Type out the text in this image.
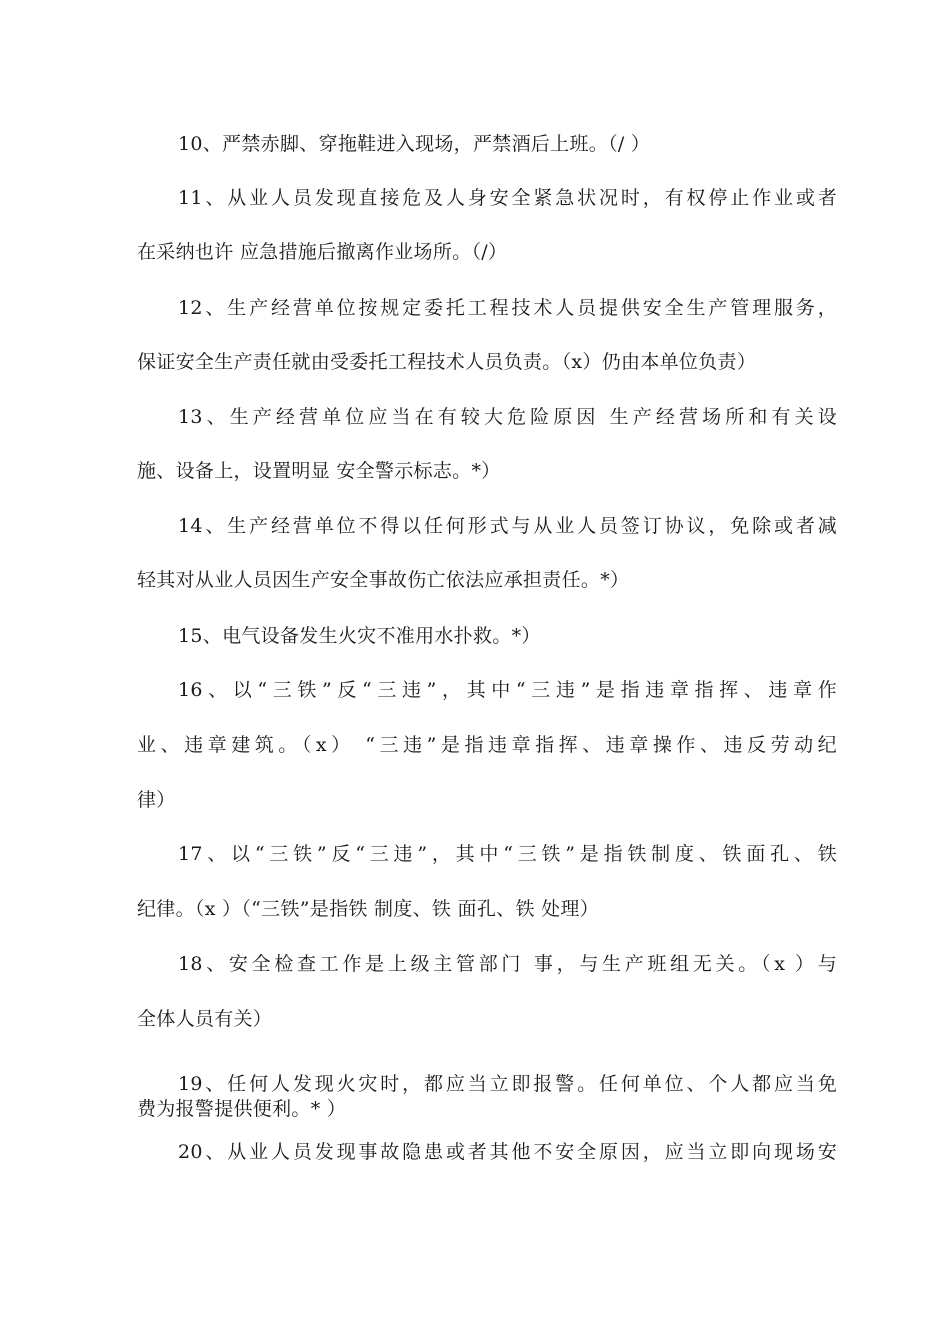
10、严禁赤脚、穿拖鞋进入现场，严禁酒后上班。（/ ）
11、从业人员发现直接危及人身安全紧急状况时，有权停止作业或者
在采纳也许 应急措施后撤离作业场所。（/）
12、生产经营单位按规定委托工程技术人员提供安全生产管理服务，
保证安全生产责任就由受委托工程技术人员负责。（x）仍由本单位负责）
13、生产经营单位应当在有较大危险原因 生产经营场所和有关设
施、设备上，设置明显 安全警示标志。*）
14、生产经营单位不得以任何形式与从业人员签订协议，免除或者减
轻其对从业人员因生产安全事故伤亡依法应承担责任。*）
15、电气设备发生火灾不准用水扑救。*）
16、以“三铁”反“三违”，其中“三违”是指违章指挥、违章作
业、违章建筑。（x） “三违”是指违章指挥、违章操作、违反劳动纪
律）
17、以“三铁”反“三违”，其中“三铁”是指铁制度、铁面孔、铁
纪律。（x ）（“三铁”是指铁 制度、铁 面孔、铁 处理）
18、安全检查工作是上级主管部门 事，与生产班组无关。（x ）与
全体人员有关）
19、任何人发现火灾时，都应当立即报警。任何单位、个人都应当免
费为报警提供便利。* ）
20、从业人员发现事故隐患或者其他不安全原因，应当立即向现场安
